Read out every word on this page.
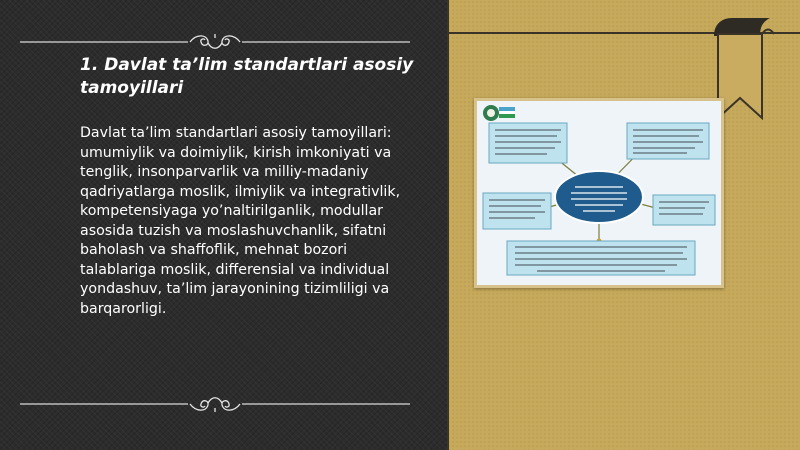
1. Davlat ta’lim standartlari asosiy tamoyillari

Davlat ta’lim standartlari asosiy tamoyillari: umumiylik va doimiylik, kirish imkoniyati va tenglik, insonparvarlik va milliy-madaniy qadriyatlarga moslik, ilmiylik va integrativlik, kompetensiyaga yo’naltirilganlik, modullar asosida tuzish va moslashuvchanlik, sifatni baholash va shaffoflik, mehnat bozori talablariga moslik, differensial va individual yondashuv, ta’lim jarayonining tizimliligi va barqarorligi.
